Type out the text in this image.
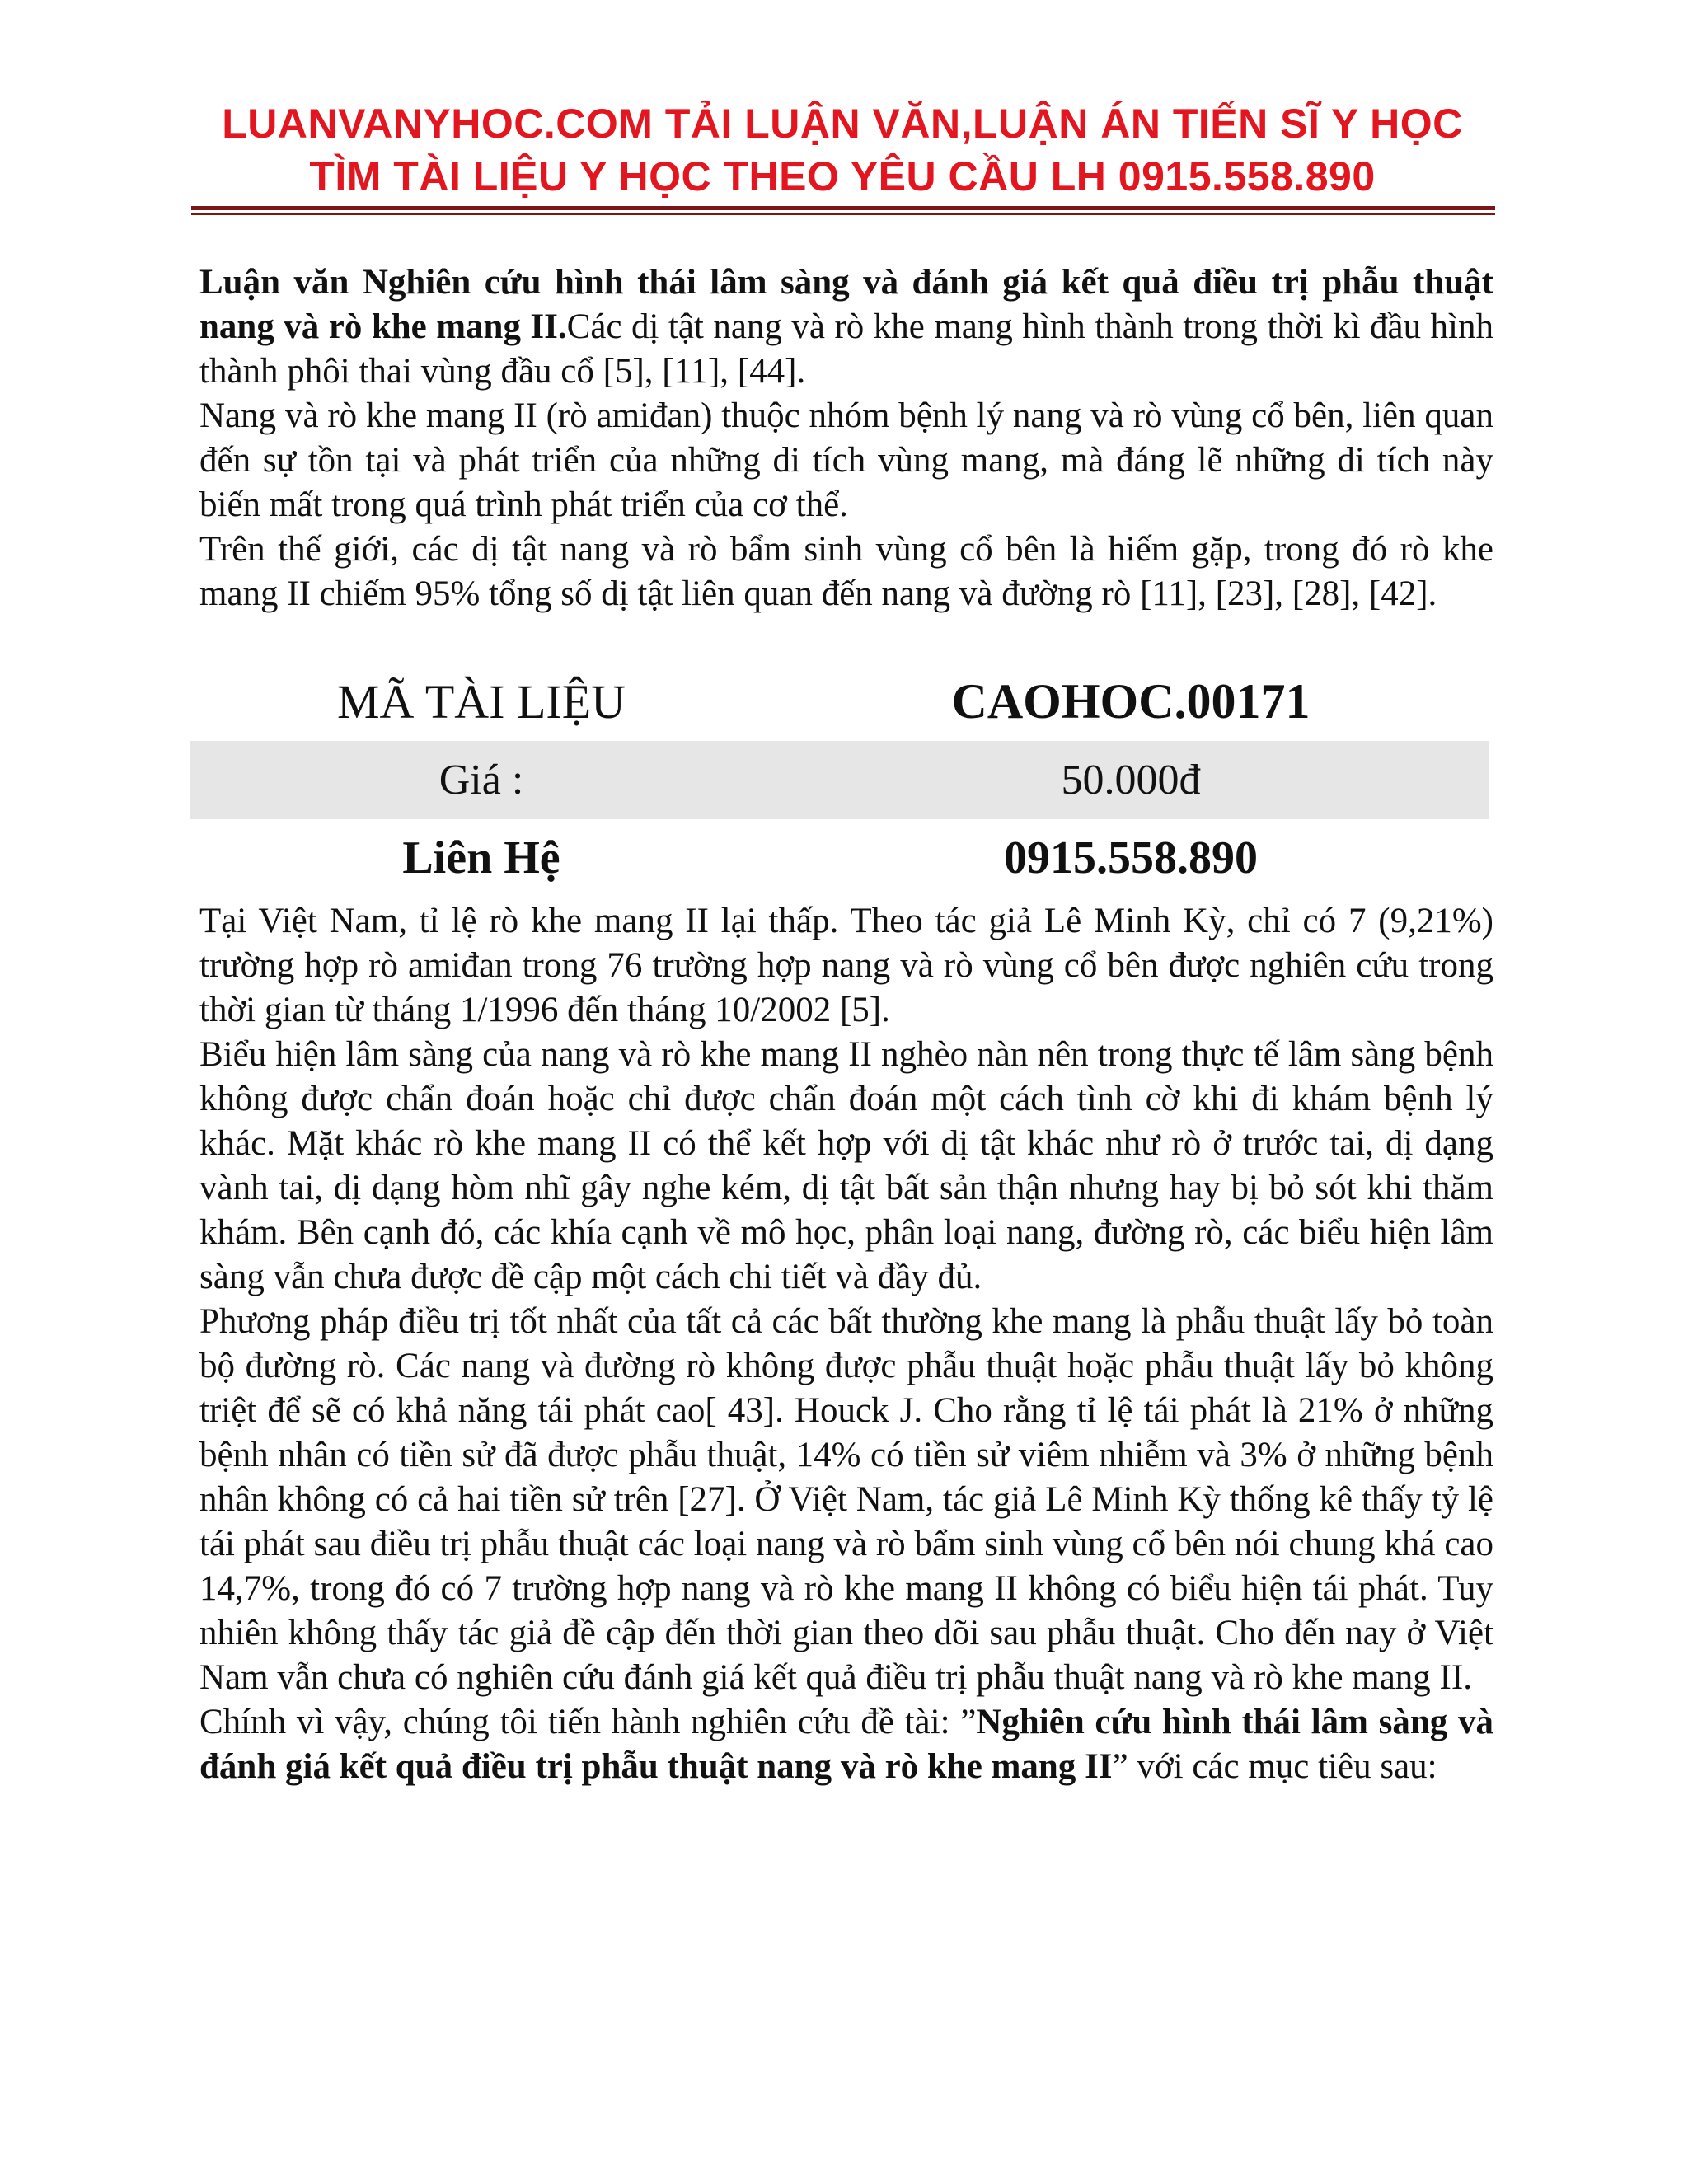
LUANVANYHOC.COM TẢI LUẬN VĂN,LUẬN ÁN TIẾN SĨ Y HỌC
TÌM TÀI LIỆU Y HỌC THEO YÊU CẦU LH 0915.558.890

Luận văn Nghiên cứu hình thái lâm sàng và đánh giá kết quả điều trị phẫu thuật nang và rò khe mang II.Các dị tật nang và rò khe mang hình thành trong thời kì đầu hình thành phôi thai vùng đầu cổ [5], [11], [44].

Nang và rò khe mang II (rò amiđan) thuộc nhóm bệnh lý nang và rò vùng cổ bên, liên quan đến sự tồn tại và phát triển của những di tích vùng mang, mà đáng lẽ những di tích này biến mất trong quá trình phát triển của cơ thể.

Trên thế giới, các dị tật nang và rò bẩm sinh vùng cổ bên là hiếm gặp, trong đó rò khe mang II chiếm 95% tổng số dị tật liên quan đến nang và đường rò [11], [23], [28], [42].

MÃ TÀI LIỆU	CAOHOC.00171
Giá :	50.000đ
Liên Hệ	0915.558.890

Tại Việt Nam, tỉ lệ rò khe mang II lại thấp. Theo tác giả Lê Minh Kỳ, chỉ có 7 (9,21%) trường hợp rò amiđan trong 76 trường hợp nang và rò vùng cổ bên được nghiên cứu trong thời gian từ tháng 1/1996 đến tháng 10/2002 [5].

Biểu hiện lâm sàng của nang và rò khe mang II nghèo nàn nên trong thực tế lâm sàng bệnh không được chẩn đoán hoặc chỉ được chẩn đoán một cách tình cờ khi đi khám bệnh lý khác. Mặt khác rò khe mang II có thể kết hợp với dị tật khác như rò ở trước tai, dị dạng vành tai, dị dạng hòm nhĩ gây nghe kém, dị tật bất sản thận nhưng hay bị bỏ sót khi thăm khám. Bên cạnh đó, các khía cạnh về mô học, phân loại nang, đường rò, các biểu hiện lâm sàng vẫn chưa được đề cập một cách chi tiết và đầy đủ.

Phương pháp điều trị tốt nhất của tất cả các bất thường khe mang là phẫu thuật lấy bỏ toàn bộ đường rò. Các nang và đường rò không được phẫu thuật hoặc phẫu thuật lấy bỏ không triệt để sẽ có khả năng tái phát cao[ 43]. Houck J. Cho rằng tỉ lệ tái phát là 21% ở những bệnh nhân có tiền sử đã được phẫu thuật, 14% có tiền sử viêm nhiễm và 3% ở những bệnh nhân không có cả hai tiền sử trên [27]. Ở Việt Nam, tác giả Lê Minh Kỳ thống kê thấy tỷ lệ tái phát sau điều trị phẫu thuật các loại nang và rò bẩm sinh vùng cổ bên nói chung khá cao 14,7%, trong đó có 7 trường hợp nang và rò khe mang II không có biểu hiện tái phát. Tuy nhiên không thấy tác giả đề cập đến thời gian theo dõi sau phẫu thuật. Cho đến nay ở Việt Nam vẫn chưa có nghiên cứu đánh giá kết quả điều trị phẫu thuật nang và rò khe mang II.

Chính vì vậy, chúng tôi tiến hành nghiên cứu đề tài: ”Nghiên cứu hình thái lâm sàng và đánh giá kết quả điều trị phẫu thuật nang và rò khe mang II” với các mục tiêu sau:
